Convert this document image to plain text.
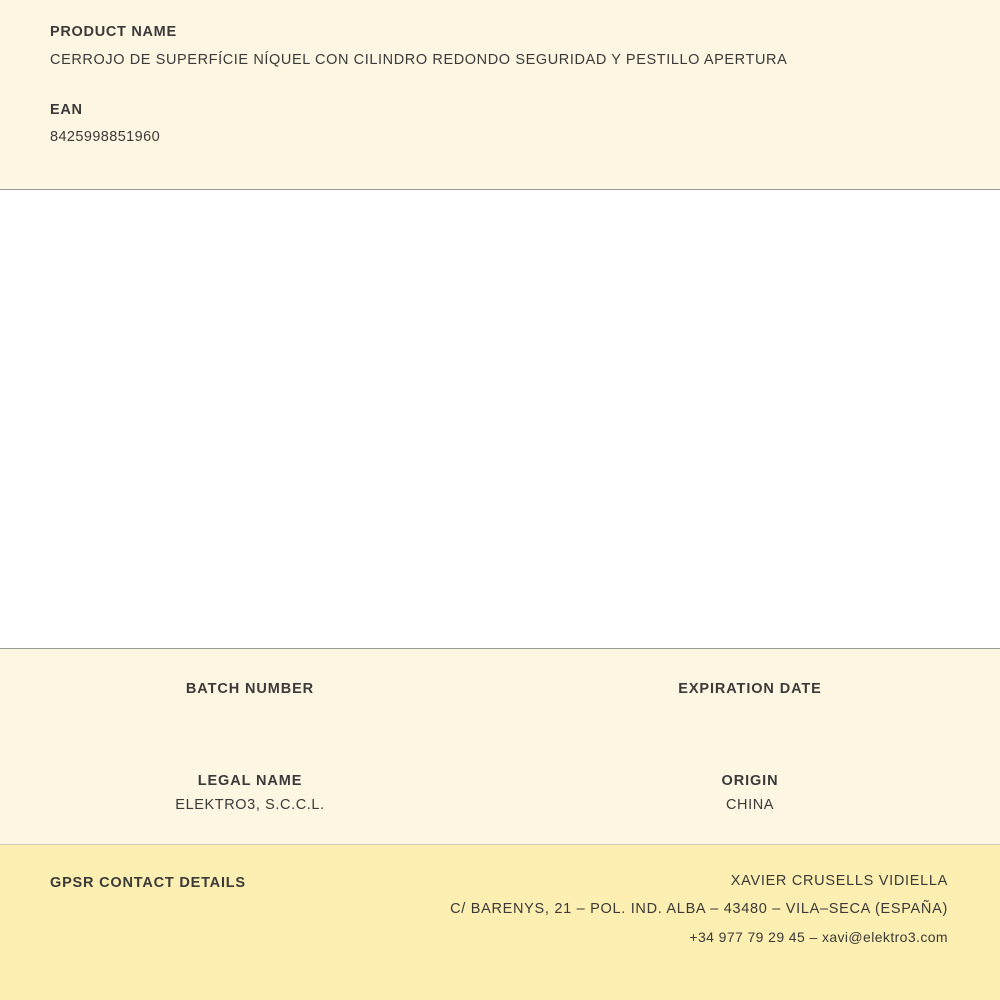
PRODUCT NAME
CERROJO DE SUPERFÍCIE NÍQUEL CON CILINDRO REDONDO SEGURIDAD Y PESTILLO APERTURA
EAN
8425998851960
BATCH NUMBER	EXPIRATION DATE
LEGAL NAME
ELEKTRO3, S.C.C.L.
ORIGIN
CHINA
GPSR CONTACT DETAILS	XAVIER CRUSELLS VIDIELLA
C/ BARENYS, 21 – POL. IND. ALBA – 43480 – VILA–SECA (ESPAÑA)
+34 977 79 29 45 – xavi@elektro3.com
